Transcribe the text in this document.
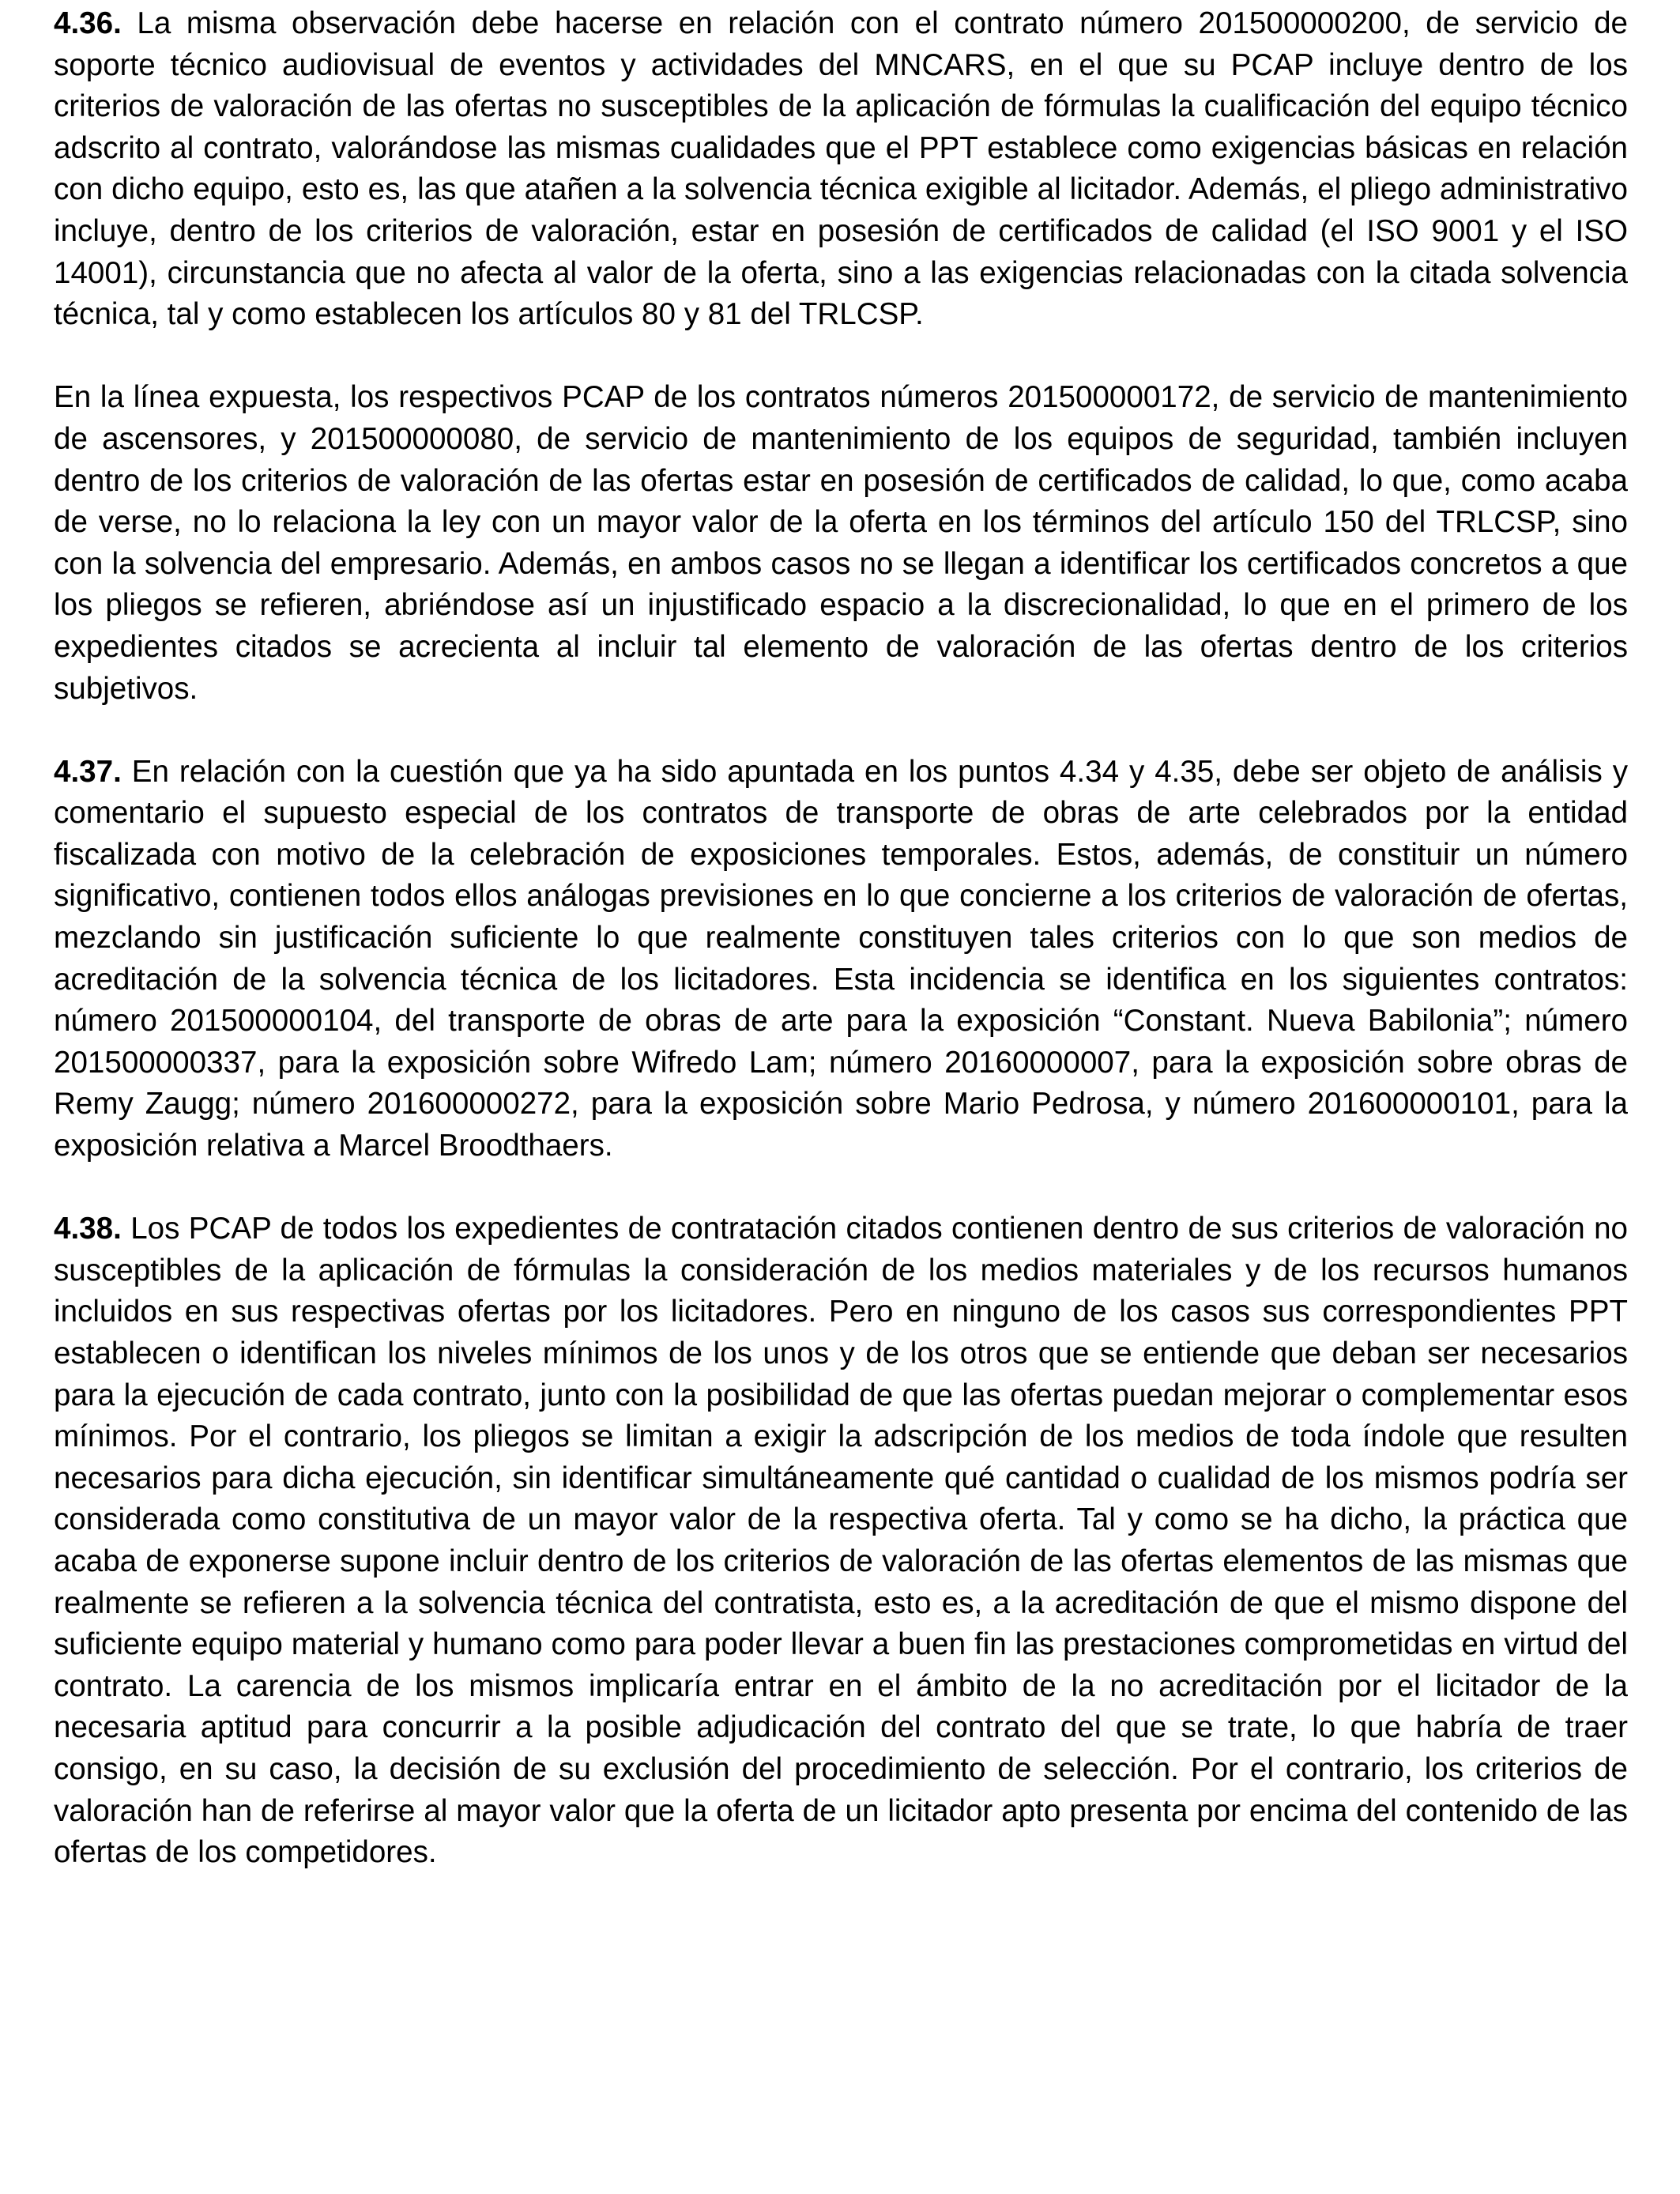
4.36. La misma observación debe hacerse en relación con el contrato número 201500000200, de servicio de soporte técnico audiovisual de eventos y actividades del MNCARS, en el que su PCAP incluye dentro de los criterios de valoración de las ofertas no susceptibles de la aplicación de fórmulas la cualificación del equipo técnico adscrito al contrato, valorándose las mismas cualidades que el PPT establece como exigencias básicas en relación con dicho equipo, esto es, las que atañen a la solvencia técnica exigible al licitador. Además, el pliego administrativo incluye, dentro de los criterios de valoración, estar en posesión de certificados de calidad (el ISO 9001 y el ISO 14001), circunstancia que no afecta al valor de la oferta, sino a las exigencias relacionadas con la citada solvencia técnica, tal y como establecen los artículos 80 y 81 del TRLCSP.

En la línea expuesta, los respectivos PCAP de los contratos números 201500000172, de servicio de mantenimiento de ascensores, y 201500000080, de servicio de mantenimiento de los equipos de seguridad, también incluyen dentro de los criterios de valoración de las ofertas estar en posesión de certificados de calidad, lo que, como acaba de verse, no lo relaciona la ley con un mayor valor de la oferta en los términos del artículo 150 del TRLCSP, sino con la solvencia del empresario. Además, en ambos casos no se llegan a identificar los certificados concretos a que los pliegos se refieren, abriéndose así un injustificado espacio a la discrecionalidad, lo que en el primero de los expedientes citados se acrecienta al incluir tal elemento de valoración de las ofertas dentro de los criterios subjetivos.

4.37. En relación con la cuestión que ya ha sido apuntada en los puntos 4.34 y 4.35, debe ser objeto de análisis y comentario el supuesto especial de los contratos de transporte de obras de arte celebrados por la entidad fiscalizada con motivo de la celebración de exposiciones temporales. Estos, además, de constituir un número significativo, contienen todos ellos análogas previsiones en lo que concierne a los criterios de valoración de ofertas, mezclando sin justificación suficiente lo que realmente constituyen tales criterios con lo que son medios de acreditación de la solvencia técnica de los licitadores. Esta incidencia se identifica en los siguientes contratos: número 201500000104, del transporte de obras de arte para la exposición “Constant. Nueva Babilonia”; número 201500000337, para la exposición sobre Wifredo Lam; número 20160000007, para la exposición sobre obras de Remy Zaugg; número 201600000272, para la exposición sobre Mario Pedrosa, y número 201600000101, para la exposición relativa a Marcel Broodthaers.

4.38. Los PCAP de todos los expedientes de contratación citados contienen dentro de sus criterios de valoración no susceptibles de la aplicación de fórmulas la consideración de los medios materiales y de los recursos humanos incluidos en sus respectivas ofertas por los licitadores. Pero en ninguno de los casos sus correspondientes PPT establecen o identifican los niveles mínimos de los unos y de los otros que se entiende que deban ser necesarios para la ejecución de cada contrato, junto con la posibilidad de que las ofertas puedan mejorar o complementar esos mínimos. Por el contrario, los pliegos se limitan a exigir la adscripción de los medios de toda índole que resulten necesarios para dicha ejecución, sin identificar simultáneamente qué cantidad o cualidad de los mismos podría ser considerada como constitutiva de un mayor valor de la respectiva oferta. Tal y como se ha dicho, la práctica que acaba de exponerse supone incluir dentro de los criterios de valoración de las ofertas elementos de las mismas que realmente se refieren a la solvencia técnica del contratista, esto es, a la acreditación de que el mismo dispone del suficiente equipo material y humano como para poder llevar a buen fin las prestaciones comprometidas en virtud del contrato. La carencia de los mismos implicaría entrar en el ámbito de la no acreditación por el licitador de la necesaria aptitud para concurrir a la posible adjudicación del contrato del que se trate, lo que habría de traer consigo, en su caso, la decisión de su exclusión del procedimiento de selección. Por el contrario, los criterios de valoración han de referirse al mayor valor que la oferta de un licitador apto presenta por encima del contenido de las ofertas de los competidores.
